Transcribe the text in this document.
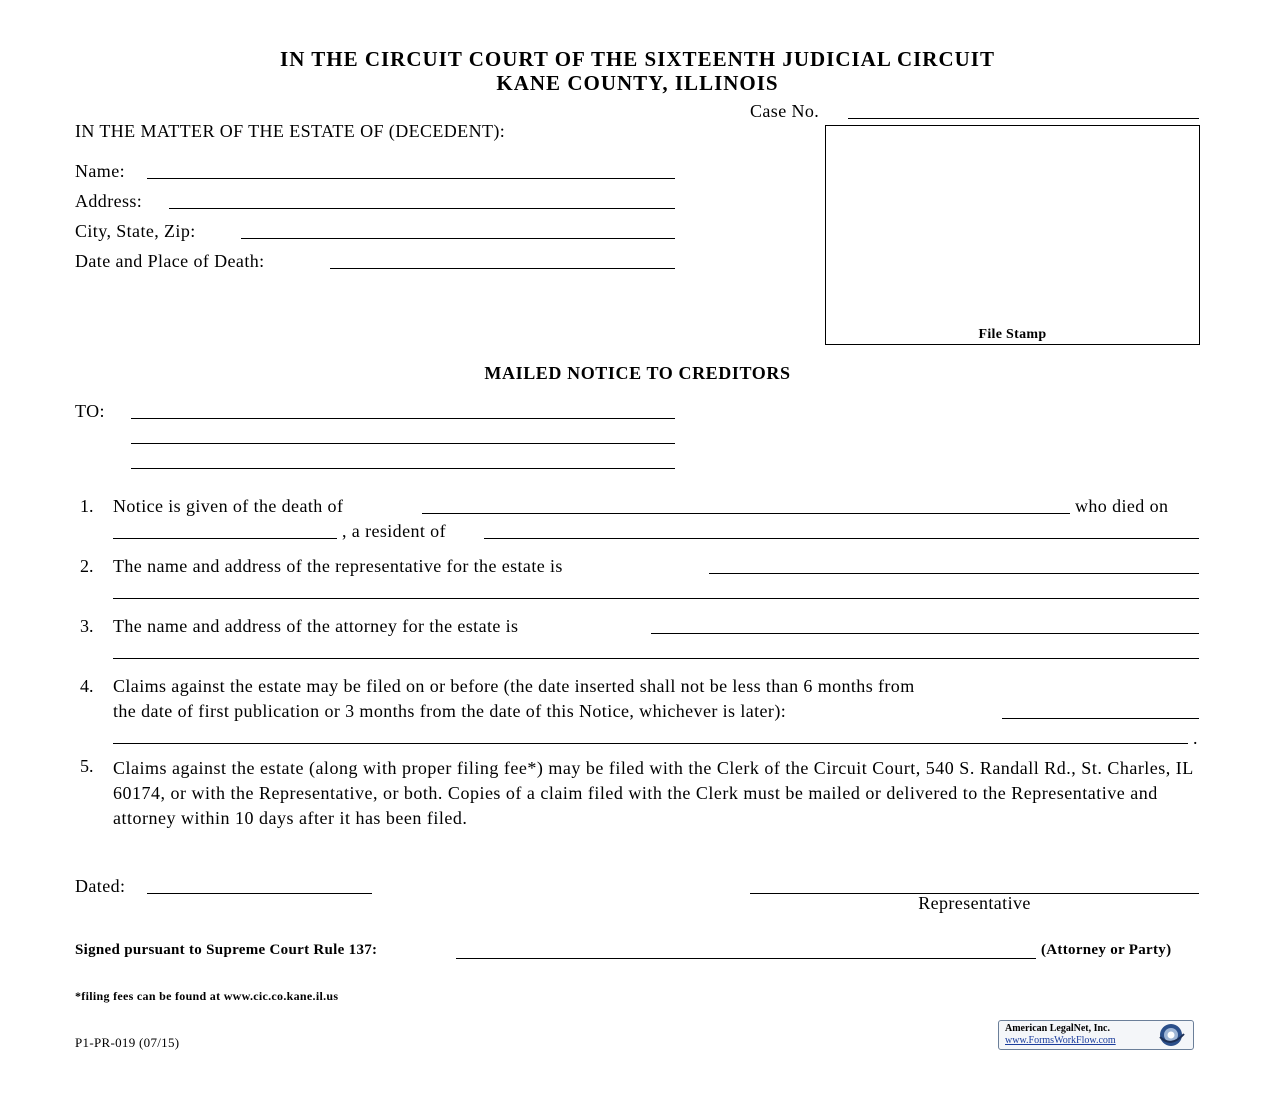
IN THE CIRCUIT COURT OF THE SIXTEENTH JUDICIAL CIRCUIT
KANE COUNTY, ILLINOIS
Case No.
IN THE MATTER OF THE ESTATE OF (DECEDENT):
Name:
Address:
City, State, Zip:
Date and Place of Death:
File Stamp
MAILED NOTICE TO CREDITORS
TO:
1. Notice is given of the death of	who died on
, a resident of
2. The name and address of the representative for the estate is
3. The name and address of the attorney for the estate is
4. Claims against the estate may be filed on or before (the date inserted shall not be less than 6 months from
the date of first publication or 3 months from the date of this Notice, whichever is later):
.
5. Claims against the estate (along with proper filing fee*) may be filed with the Clerk of the Circuit Court, 540 S. Randall Rd., St. Charles, IL 60174, or with the Representative, or both. Copies of a claim filed with the Clerk must be mailed or delivered to the Representative and attorney within 10 days after it has been filed.
Dated:
Representative
Signed pursuant to Supreme Court Rule 137:	(Attorney or Party)
*filing fees can be found at www.cic.co.kane.il.us
P1-PR-019 (07/15)
American LegalNet, Inc.
www.FormsWorkFlow.com
